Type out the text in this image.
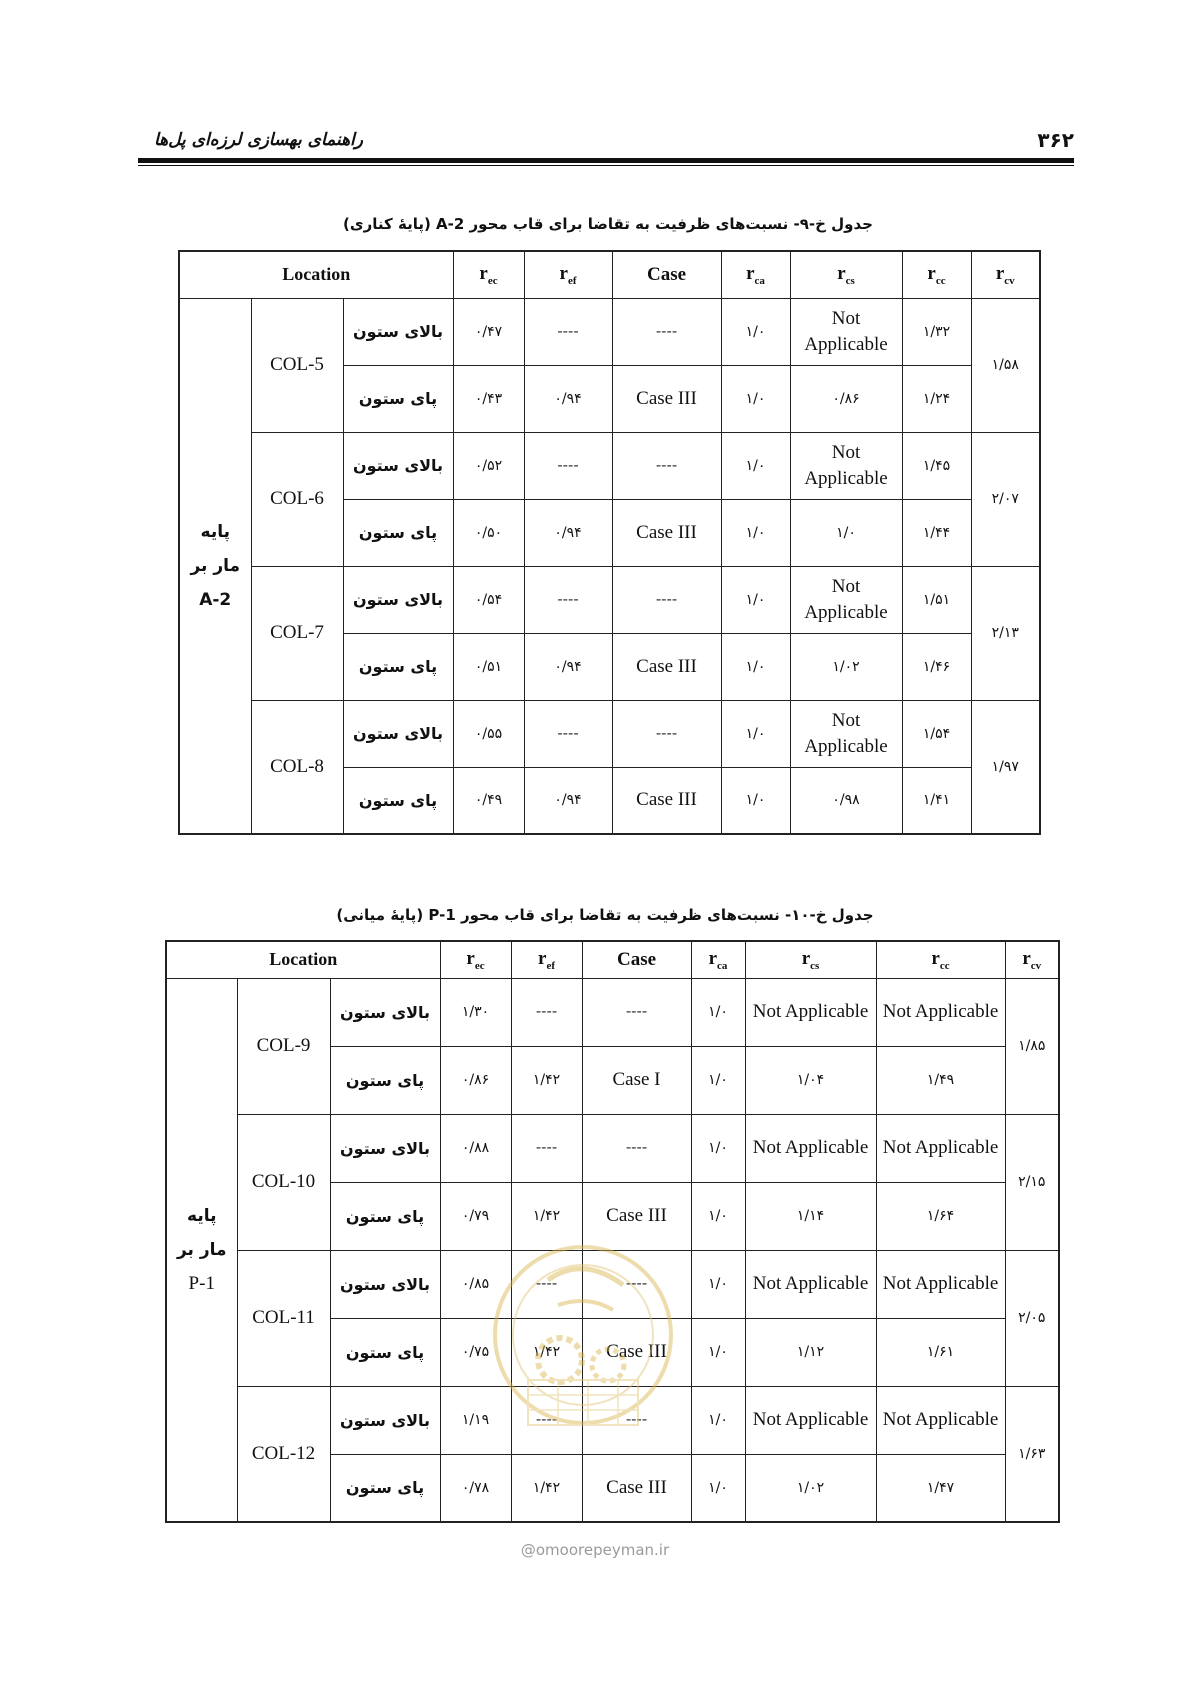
۳۶۲
راهنمای بهسازی لرزه‌ای پل‌ها
جدول خ-۹- نسبت‌های ظرفیت به تقاضا برای قاب محور A-2 (پایهٔ کناری)
Location			$r_{ec}$	$r_{ef}$	Case	$r_{ca}$	$r_{cs}$	$r_{cc}$	$r_{cv}$

پایه
مار بر
A-2	COL-5	بالای ستون	۰/۴۷	----	----	۱/۰	Not Applicable	۱/۳۲	۱/۵۸
		پای ستون	۰/۴۳	۰/۹۴	Case III	۱/۰	۰/۸۶	۱/۲۴	
	COL-6	بالای ستون	۰/۵۲	----	----	۱/۰	Not Applicable	۱/۴۵	۲/۰۷
		پای ستون	۰/۵۰	۰/۹۴	Case III	۱/۰	۱/۰	۱/۴۴	
	COL-7	بالای ستون	۰/۵۴	----	----	۱/۰	Not Applicable	۱/۵۱	۲/۱۳
		پای ستون	۰/۵۱	۰/۹۴	Case III	۱/۰	۱/۰۲	۱/۴۶	
	COL-8	بالای ستون	۰/۵۵	----	----	۱/۰	Not Applicable	۱/۵۴	۱/۹۷
		پای ستون	۰/۴۹	۰/۹۴	Case III	۱/۰	۰/۹۸	۱/۴۱	
جدول خ-۱۰- نسبت‌های ظرفیت به تقاضا برای قاب محور P-1 (پایهٔ میانی)
Location			$r_{ec}$	$r_{ef}$	Case	$r_{ca}$	$r_{cs}$	$r_{cc}$	$r_{cv}$

پایه
مار بر
P-1	COL-9	بالای ستون	۱/۳۰	----	----	۱/۰	Not Applicable	Not Applicable	۱/۸۵
		پای ستون	۰/۸۶	۱/۴۲	Case I	۱/۰	۱/۰۴	۱/۴۹	
	COL-10	بالای ستون	۰/۸۸	----	----	۱/۰	Not Applicable	Not Applicable	۲/۱۵
		پای ستون	۰/۷۹	۱/۴۲	Case III	۱/۰	۱/۱۴	۱/۶۴	
	COL-11	بالای ستون	۰/۸۵	----	----	۱/۰	Not Applicable	Not Applicable	۲/۰۵
		پای ستون	۰/۷۵	۱/۴۲	Case III	۱/۰	۱/۱۲	۱/۶۱	
	COL-12	بالای ستون	۱/۱۹	----	----	۱/۰	Not Applicable	Not Applicable	۱/۶۳
		پای ستون	۰/۷۸	۱/۴۲	Case III	۱/۰	۱/۰۲	۱/۴۷	
@omoorepeyman.ir
